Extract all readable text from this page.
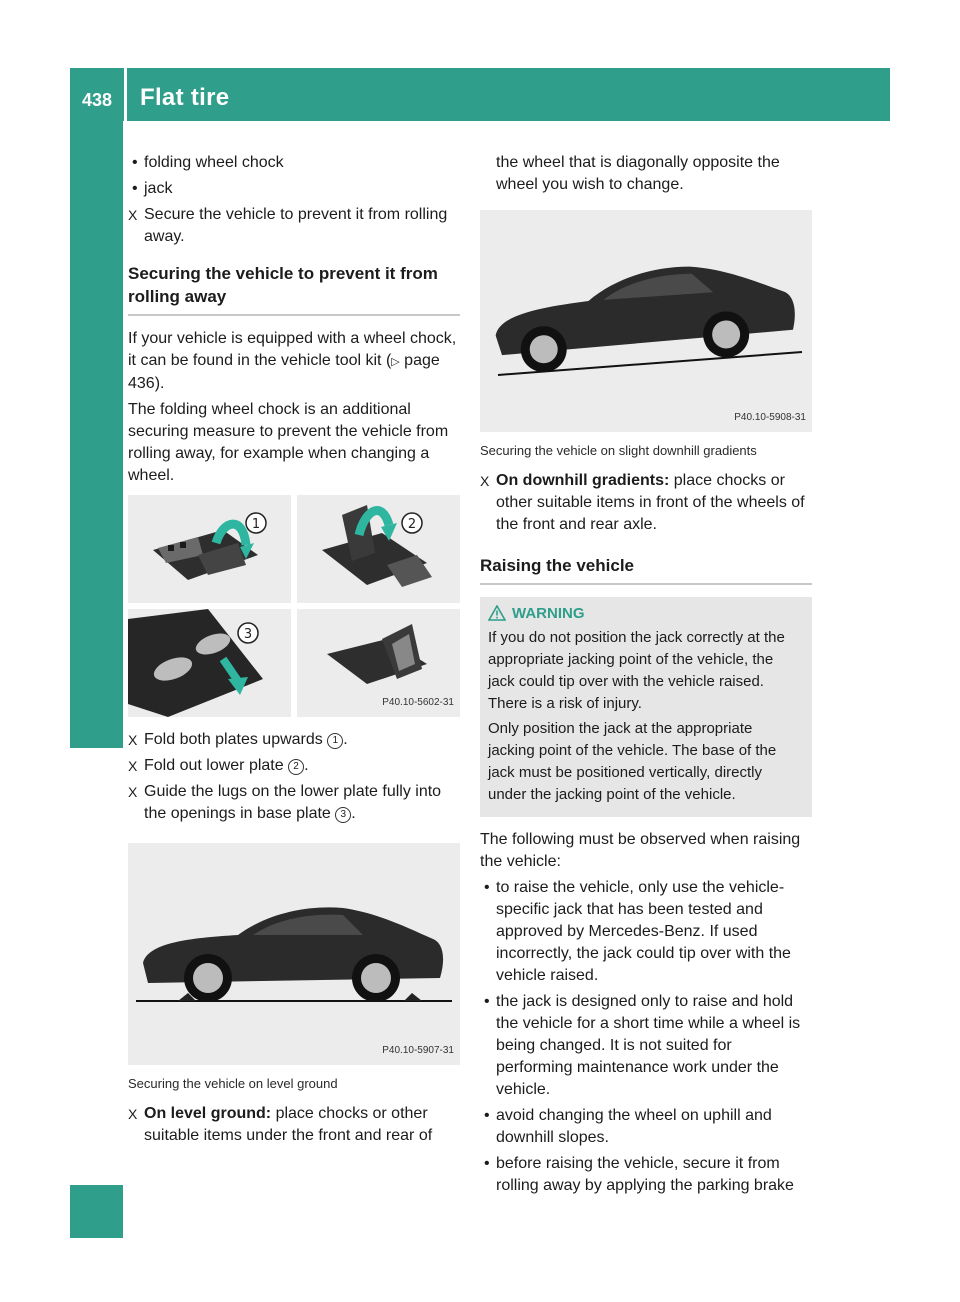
438	Flat tire
Breakdown assistance
• folding wheel chock
• jack
X Secure the vehicle to prevent it from rolling away.
Securing the vehicle to prevent it from rolling away
If your vehicle is equipped with a wheel chock, it can be found in the vehicle tool kit (▷ page 436).
The folding wheel chock is an additional securing measure to prevent the vehicle from rolling away, for example when changing a wheel.
1	2
3
P40.10-5602-31
X Fold both plates upwards 1 .
X Fold out lower plate 2 .
X Guide the lugs on the lower plate fully into the openings in base plate 3 .
P40.10-5907-31
Securing the vehicle on level ground
X On level ground: place chocks or other suitable items under the front and rear of
the wheel that is diagonally opposite the wheel you wish to change.
P40.10-5908-31
Securing the vehicle on slight downhill gradients
X On downhill gradients: place chocks or other suitable items in front of the wheels of the front and rear axle.
Raising the vehicle
WARNING
If you do not position the jack correctly at the appropriate jacking point of the vehicle, the jack could tip over with the vehicle raised. There is a risk of injury.
Only position the jack at the appropriate jacking point of the vehicle. The base of the jack must be positioned vertically, directly under the jacking point of the vehicle.
The following must be observed when raising the vehicle:
• to raise the vehicle, only use the vehicle-specific jack that has been tested and approved by Mercedes-Benz. If used incorrectly, the jack could tip over with the vehicle raised.
• the jack is designed only to raise and hold the vehicle for a short time while a wheel is being changed. It is not suited for performing maintenance work under the vehicle.
• avoid changing the wheel on uphill and downhill slopes.
• before raising the vehicle, secure it from rolling away by applying the parking brake
